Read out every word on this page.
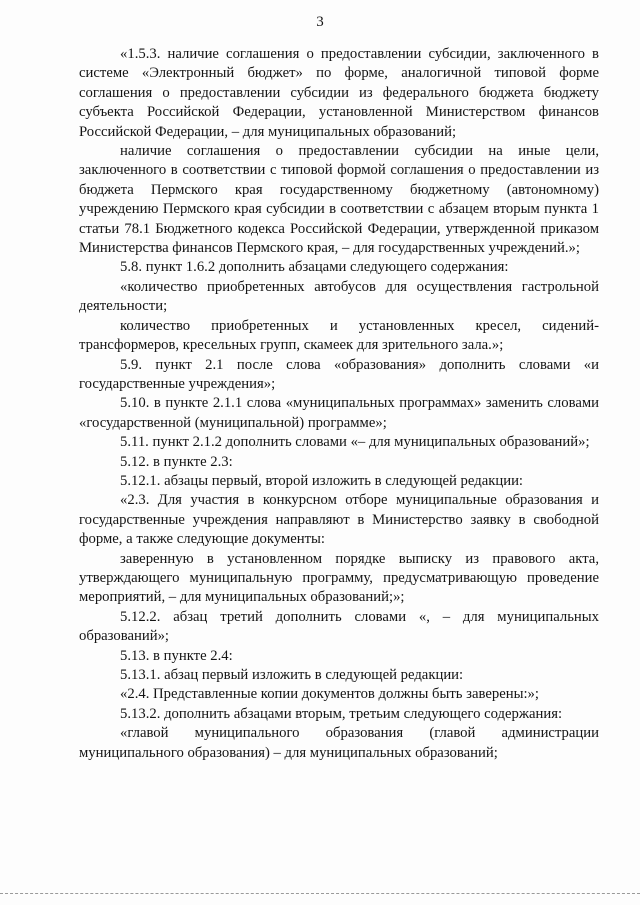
3

«1.5.3. наличие соглашения о предоставлении субсидии, заключенного в системе «Электронный бюджет» по форме, аналогичной типовой форме соглашения о предоставлении субсидии из федерального бюджета бюджету субъекта Российской Федерации, установленной Министерством финансов Российской Федерации, – для муниципальных образований;

наличие соглашения о предоставлении субсидии на иные цели, заключенного в соответствии с типовой формой соглашения о предоставлении из бюджета Пермского края государственному бюджетному (автономному) учреждению Пермского края субсидии в соответствии с абзацем вторым пункта 1 статьи 78.1 Бюджетного кодекса Российской Федерации, утвержденной приказом Министерства финансов Пермского края, – для государственных учреждений.»;

5.8. пункт 1.6.2 дополнить абзацами следующего содержания:

«количество приобретенных автобусов для осуществления гастрольной деятельности;

количество приобретенных и установленных кресел, сидений-трансформеров, кресельных групп, скамеек для зрительного зала.»;

5.9. пункт 2.1 после слова «образования» дополнить словами «и государственные учреждения»;

5.10. в пункте 2.1.1 слова «муниципальных программах» заменить словами «государственной (муниципальной) программе»;

5.11. пункт 2.1.2 дополнить словами «– для муниципальных образований»;

5.12. в пункте 2.3:

5.12.1. абзацы первый, второй изложить в следующей редакции:

«2.3. Для участия в конкурсном отборе муниципальные образования и государственные учреждения направляют в Министерство заявку в свободной форме, а также следующие документы:

заверенную в установленном порядке выписку из правового акта, утверждающего муниципальную программу, предусматривающую проведение мероприятий, – для муниципальных образований;»;

5.12.2. абзац третий дополнить словами «, – для муниципальных образований»;

5.13. в пункте 2.4:

5.13.1. абзац первый изложить в следующей редакции:

«2.4. Представленные копии документов должны быть заверены:»;

5.13.2. дополнить абзацами вторым, третьим следующего содержания:

«главой муниципального образования (главой администрации муниципального образования) – для муниципальных образований;
